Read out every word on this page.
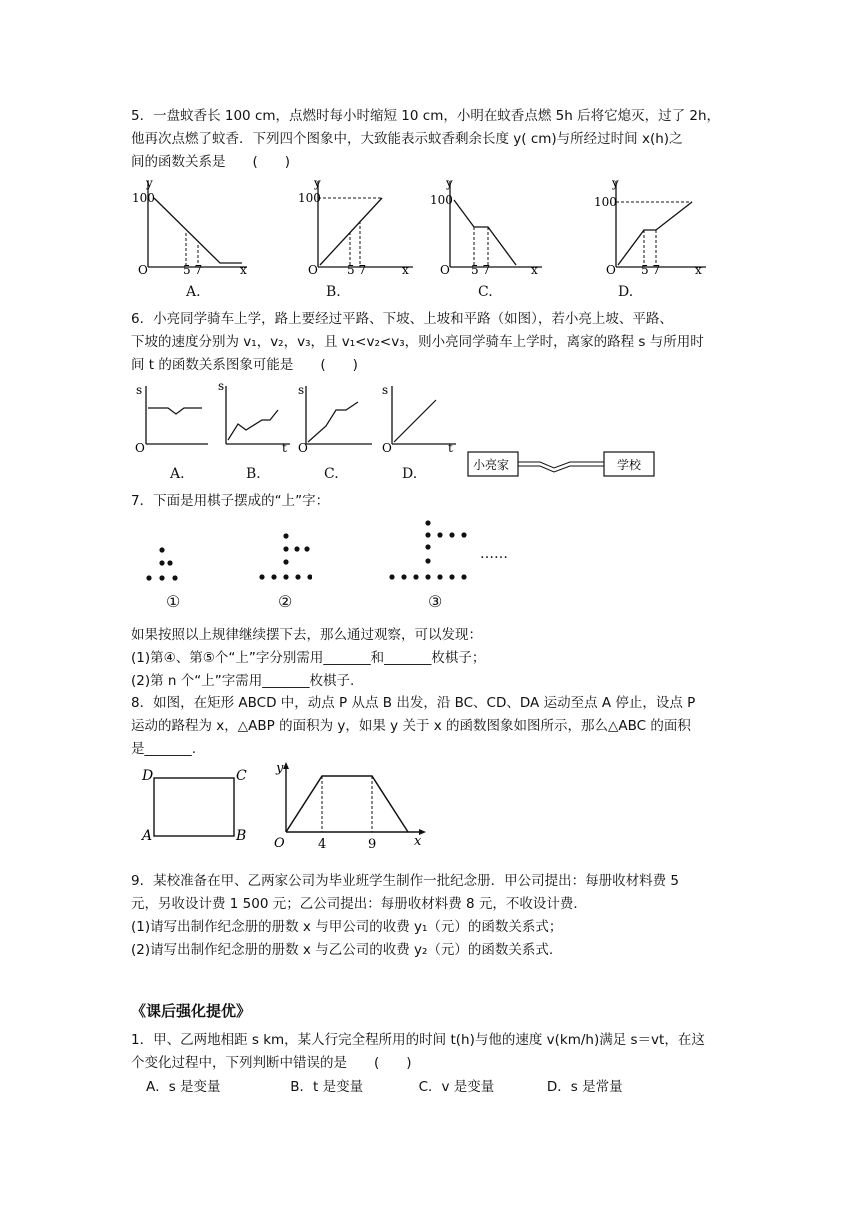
5．一盘蚊香长 100 cm，点燃时每小时缩短 10 cm，小明在蚊香点燃 5h 后将它熄灭，过了 2h，
他再次点燃了蚊香．下列四个图象中，大致能表示蚊香剩余长度 y( cm)与所经过时间 x(h)之
间的函数关系是　　(　　)
y
100
O	5 7	x
A.
y
100
O 5 7	x
B.
y
100
O 5 7	x
C.
y
100
O 5 7	x
D.
6．小亮同学骑车上学，路上要经过平路、下坡、上坡和平路（如图），若小亮上坡、平路、
下坡的速度分别为 v₁，v₂，v₃，且 v₁<v₂<v₃，则小亮同学骑车上学时，离家的路程 s 与所用时
间 t 的函数关系图象可能是　　(　　)
s
O
A.
s
t
B.
s
O
C.
s
O	t
D.
小亮家	学校
7．下面是用棋子摆成的“上”字：
……
①	②	③
如果按照以上规律继续摆下去，那么通过观察，可以发现：
(1)第④、第⑤个“上”字分别需用_______和_______枚棋子；
(2)第 n 个“上”字需用_______枚棋子.
8．如图，在矩形 ABCD 中，动点 P 从点 B 出发，沿 BC、CD、DA 运动至点 A 停止，设点 P
运动的路程为 x，△ABP 的面积为 y，如果 y 关于 x 的函数图象如图所示，那么△ABC 的面积
是_______.
D	C
A	B
y
O	4	9	x
9．某校准备在甲、乙两家公司为毕业班学生制作一批纪念册．甲公司提出：每册收材料费 5
元，另收设计费 1 500 元；乙公司提出：每册收材料费 8 元，不收设计费．
(1)请写出制作纪念册的册数 x 与甲公司的收费 y₁（元）的函数关系式；
(2)请写出制作纪念册的册数 x 与乙公司的收费 y₂（元）的函数关系式.
《课后强化提优》
1．甲、乙两地相距 s km，某人行完全程所用的时间 t(h)与他的速度 v(km/h)满足 s＝vt，在这
个变化过程中，下列判断中错误的是　　(　　)
A．s 是变量	B．t 是变量	C．v 是变量	D．s 是常量
